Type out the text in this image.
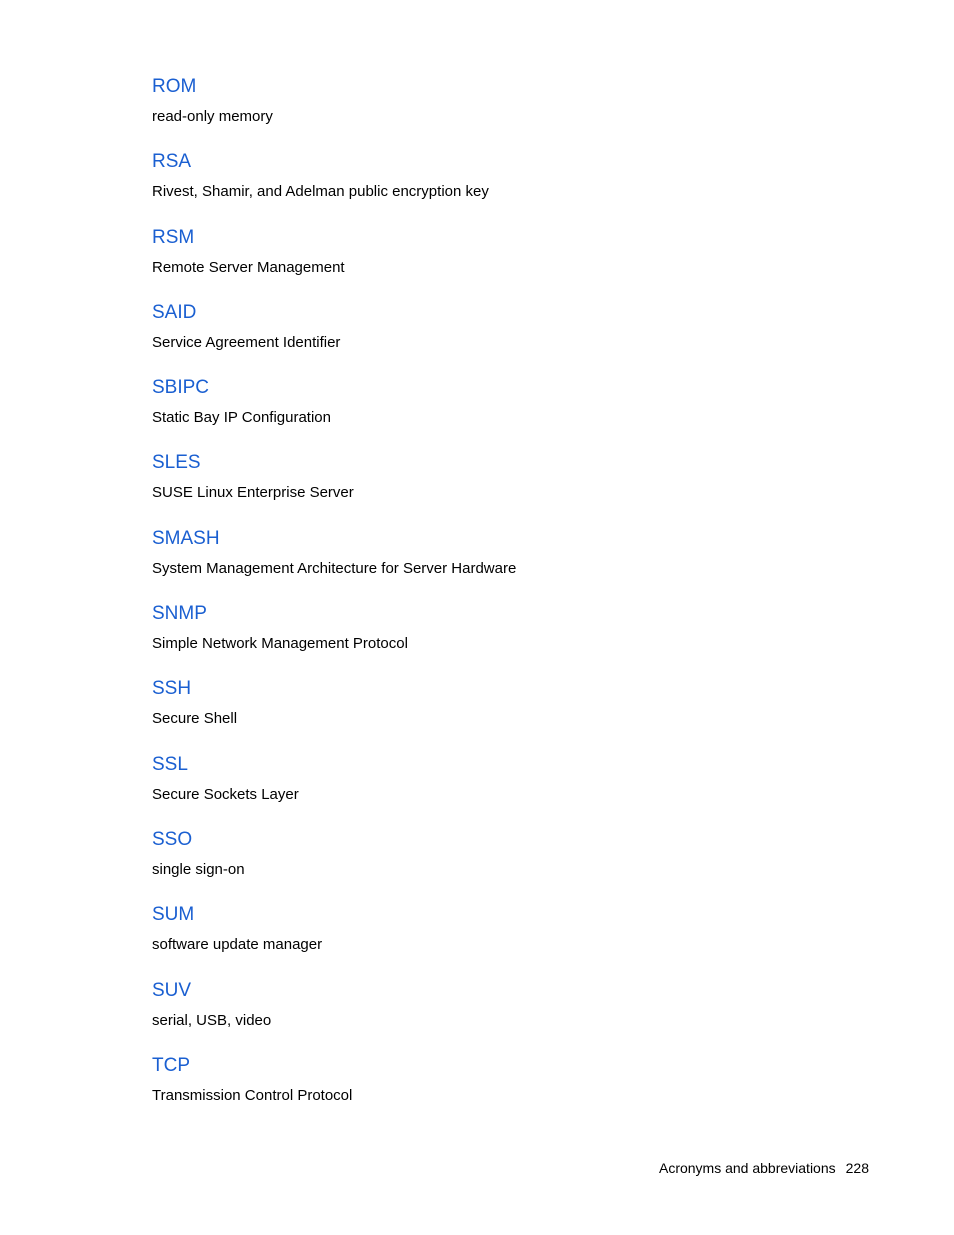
ROM
read-only memory
RSA
Rivest, Shamir, and Adelman public encryption key
RSM
Remote Server Management
SAID
Service Agreement Identifier
SBIPC
Static Bay IP Configuration
SLES
SUSE Linux Enterprise Server
SMASH
System Management Architecture for Server Hardware
SNMP
Simple Network Management Protocol
SSH
Secure Shell
SSL
Secure Sockets Layer
SSO
single sign-on
SUM
software update manager
SUV
serial, USB, video
TCP
Transmission Control Protocol
Acronyms and abbreviations 228
